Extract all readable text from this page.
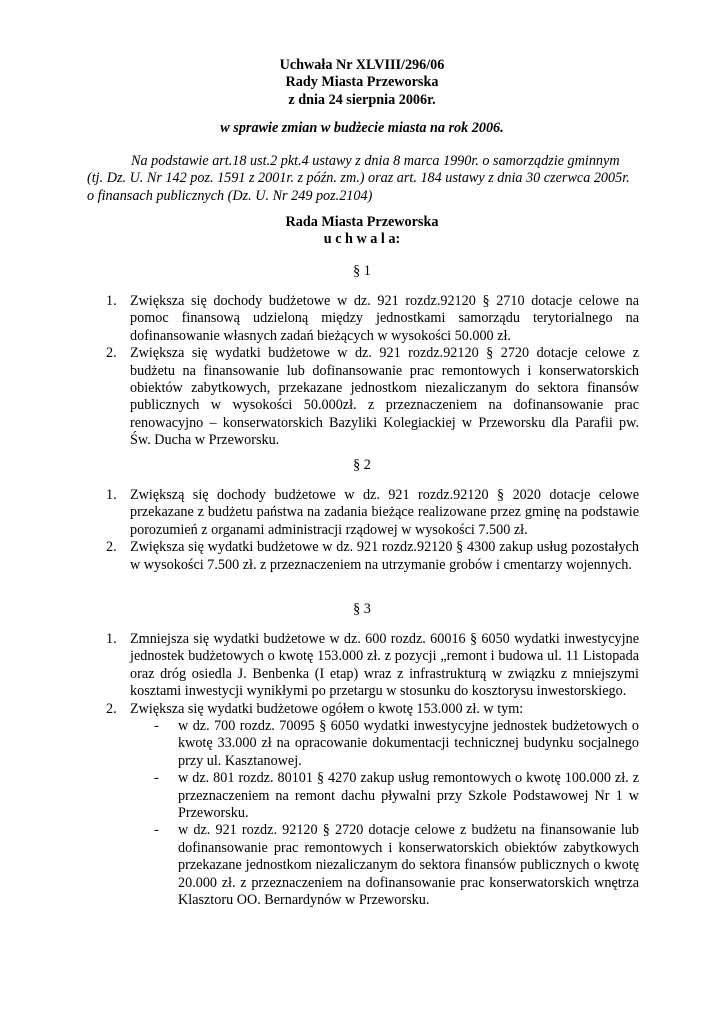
Uchwała Nr XLVIII/296/06
Rady Miasta Przeworska
z dnia 24 sierpnia 2006r.
w sprawie zmian w budżecie miasta na rok 2006.
Na podstawie art.18 ust.2 pkt.4 ustawy z dnia 8 marca 1990r. o samorządzie gminnym
(tj. Dz. U. Nr 142 poz. 1591 z 2001r. z późn. zm.) oraz art. 184 ustawy z dnia 30 czerwca 2005r.
o finansach publicznych (Dz. U. Nr 249 poz.2104)
Rada Miasta Przeworska
u c h w a l a:
§ 1
1. Zwiększa się dochody budżetowe w dz. 921 rozdz.92120 § 2710 dotacje celowe na pomoc finansową udzieloną między jednostkami samorządu terytorialnego na dofinansowanie własnych zadań bieżących w wysokości 50.000 zł.
2. Zwiększa się wydatki budżetowe w dz. 921 rozdz.92120 § 2720 dotacje celowe z budżetu na finansowanie lub dofinansowanie prac remontowych i konserwatorskich obiektów zabytkowych, przekazane jednostkom niezaliczanym do sektora finansów publicznych w wysokości 50.000zł. z przeznaczeniem na dofinansowanie prac renowacyjno – konserwatorskich Bazyliki Kolegiackiej w Przeworsku dla Parafii pw. Św. Ducha w Przeworsku.
§ 2
1. Zwiększą się dochody budżetowe w dz. 921 rozdz.92120 § 2020 dotacje celowe przekazane z budżetu państwa na zadania bieżące realizowane przez gminę na podstawie porozumień z organami administracji rządowej w wysokości 7.500 zł.
2. Zwiększa się wydatki budżetowe w dz. 921 rozdz.92120 § 4300 zakup usług pozostałych w wysokości 7.500 zł. z przeznaczeniem na utrzymanie grobów i cmentarzy wojennych.
§ 3
1. Zmniejsza się wydatki budżetowe w dz. 600 rozdz. 60016 § 6050 wydatki inwestycyjne jednostek budżetowych o kwotę 153.000 zł. z pozycji „remont i budowa ul. 11 Listopada oraz dróg osiedla J. Benbenka (I etap) wraz z infrastrukturą w związku z mniejszymi kosztami inwestycji wynikłymi po przetargu w stosunku do kosztorysu inwestorskiego.
2. Zwiększa się wydatki budżetowe ogółem o kwotę 153.000 zł. w tym:
- w dz. 700 rozdz. 70095 § 6050 wydatki inwestycyjne jednostek budżetowych o kwotę 33.000 zł na opracowanie dokumentacji technicznej budynku socjalnego przy ul. Kasztanowej.
- w dz. 801 rozdz. 80101 § 4270 zakup usług remontowych o kwotę 100.000 zł. z przeznaczeniem na remont dachu pływalni przy Szkole Podstawowej Nr 1 w Przeworsku.
- w dz. 921 rozdz. 92120 § 2720 dotacje celowe z budżetu na finansowanie lub dofinansowanie prac remontowych i konserwatorskich obiektów zabytkowych przekazane jednostkom niezaliczanym do sektora finansów publicznych o kwotę 20.000 zł. z przeznaczeniem na dofinansowanie prac konserwatorskich wnętrza Klasztoru OO. Bernardynów w Przeworsku.
